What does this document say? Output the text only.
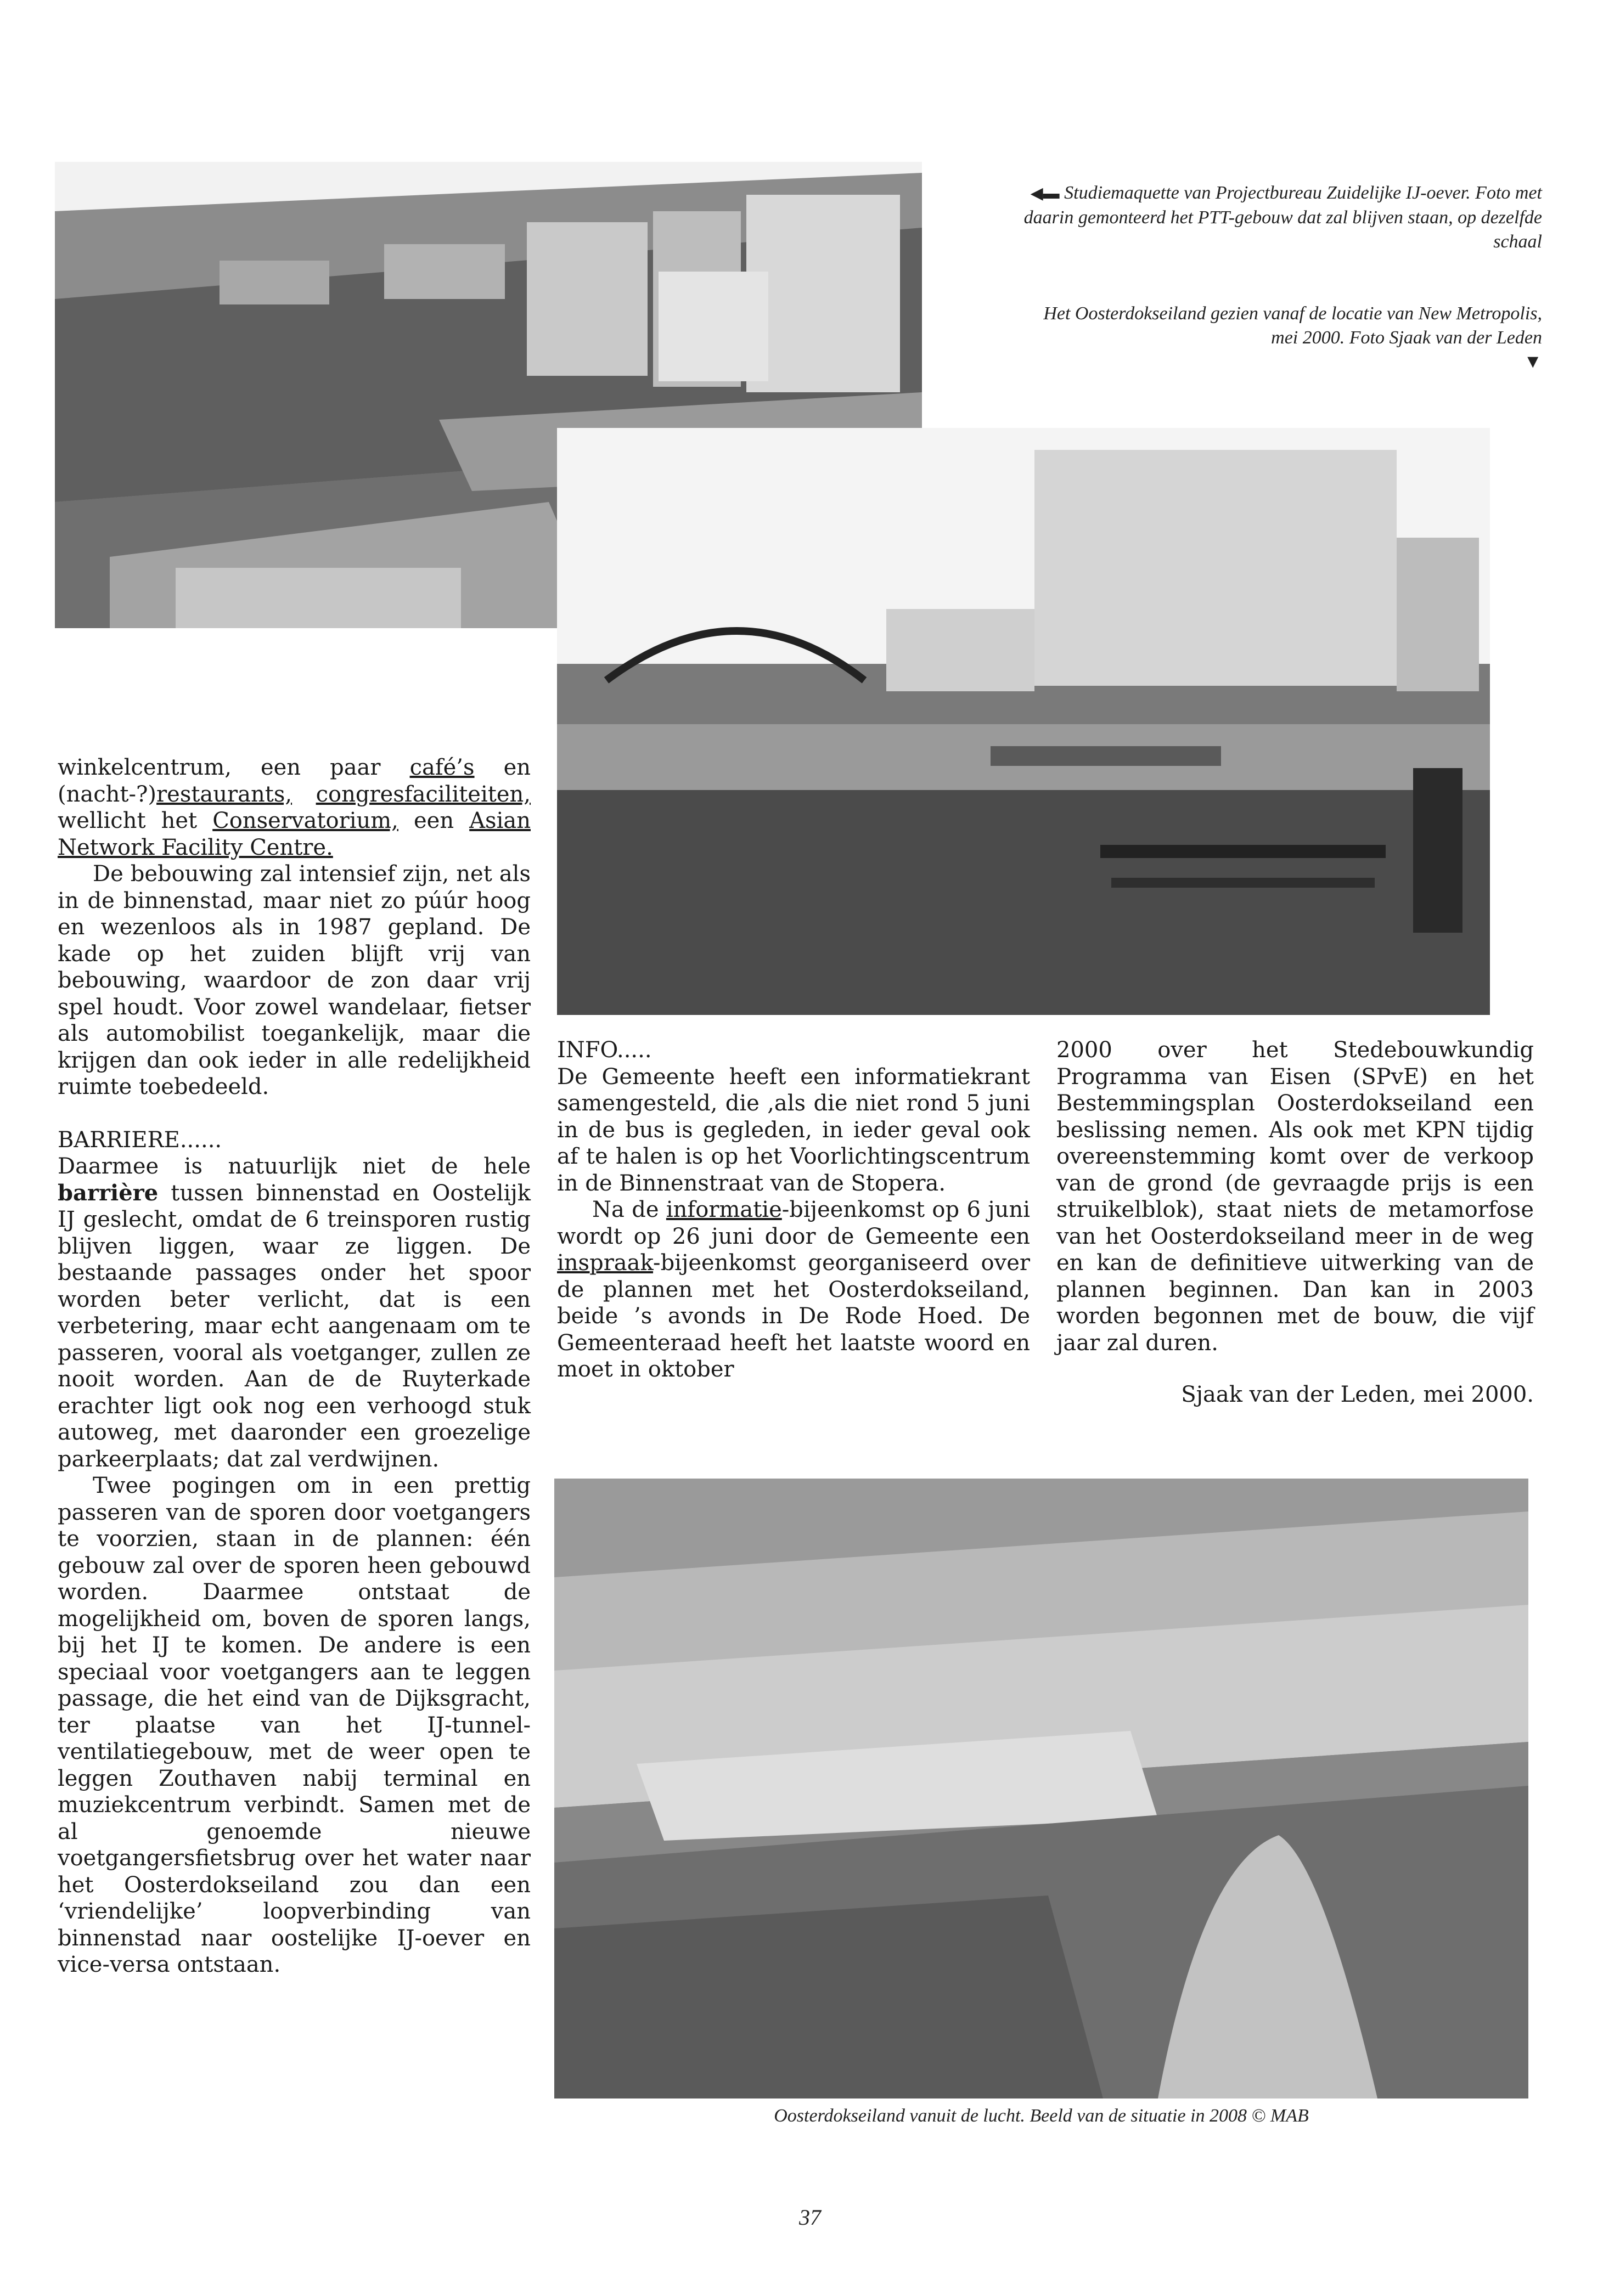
◀▬ Studiemaquette van Projectbureau Zuidelijke IJ-oever. Foto met daarin gemonteerd het PTT-gebouw dat zal blijven staan, op dezelfde schaal
Het Oosterdokseiland gezien vanaf de locatie van New Metropolis,
mei 2000. Foto Sjaak van der Leden
▼

winkelcentrum, een paar café’s en (nacht-?)restaurants, congresfaciliteiten, wellicht het Conservatorium, een Asian Network Facility Centre.

De bebouwing zal intensief zijn, net als in de binnenstad, maar niet zo púúr hoog en wezenloos als in 1987 gepland. De kade op het zuiden blijft vrij van bebouwing, waardoor de zon daar vrij spel houdt. Voor zowel wandelaar, fietser als automobilist toegankelijk, maar die krijgen dan ook ieder in alle redelijkheid ruimte toebedeeld.

BARRIERE......

Daarmee is natuurlijk niet de hele barrière tussen binnenstad en Oostelijk IJ geslecht, omdat de 6 treinsporen rustig blijven liggen, waar ze liggen. De bestaande passages onder het spoor worden beter verlicht, dat is een verbetering, maar echt aangenaam om te passeren, vooral als voetganger, zullen ze nooit worden. Aan de de Ruyterkade erachter ligt ook nog een verhoogd stuk autoweg, met daaronder een groezelige parkeerplaats; dat zal verdwijnen.

Twee pogingen om in een prettig passeren van de sporen door voetgangers te voorzien, staan in de plannen: één gebouw zal over de sporen heen gebouwd worden. Daarmee ontstaat de mogelijkheid om, boven de sporen langs, bij het IJ te komen. De andere is een speciaal voor voetgangers aan te leggen passage, die het eind van de Dijksgracht, ter plaatse van het IJ-tunnel-ventilatiegebouw, met de weer open te leggen Zouthaven nabij terminal en muziekcentrum verbindt. Samen met de al genoemde nieuwe voetgangersfietsbrug over het water naar het Oosterdokseiland zou dan een ‘vriendelijke’ loopverbinding van binnenstad naar oostelijke IJ-oever en vice-versa ontstaan.

INFO.....

De Gemeente heeft een informatiekrant samengesteld, die ,als die niet rond 5 juni in de bus is gegleden, in ieder geval ook af te halen is op het Voorlichtingscentrum in de Binnenstraat van de Stopera.

Na de informatie-bijeenkomst op 6 juni wordt op 26 juni door de Gemeente een inspraak-bijeenkomst georganiseerd over de plannen met het Oosterdokseiland, beide ’s avonds in De Rode Hoed. De Gemeenteraad heeft het laatste woord en moet in oktober

2000 over het Stedebouwkundig Programma van Eisen (SPvE) en het Bestemmingsplan Oosterdokseiland een beslissing nemen. Als ook met KPN tijdig overeenstemming komt over de verkoop van de grond (de gevraagde prijs is een struikelblok), staat niets de metamorfose van het Oosterdokseiland meer in de weg en kan de definitieve uitwerking van de plannen beginnen. Dan kan in 2003 worden begonnen met de bouw, die vijf jaar zal duren.

Sjaak van der Leden, mei 2000.

Oosterdokseiland vanuit de lucht. Beeld van de situatie in 2008 © MAB
37
